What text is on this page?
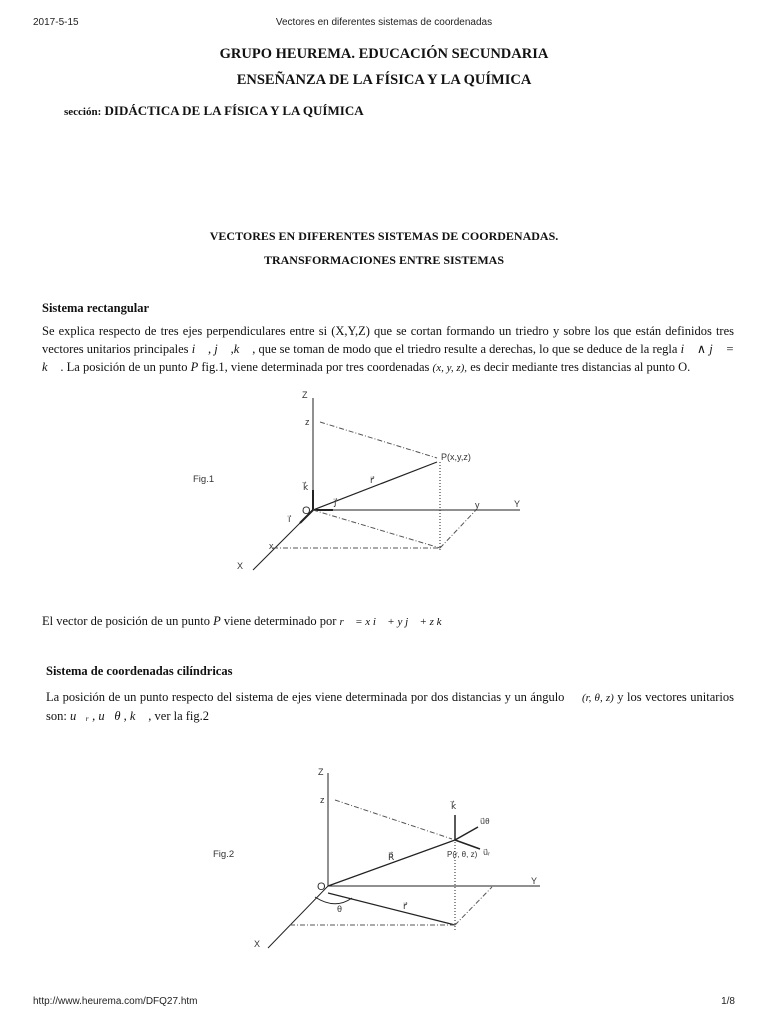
2017-5-15	Vectores en diferentes sistemas de coordenadas
GRUPO HEUREMA. EDUCACIÓN SECUNDARIA
ENSEÑANZA DE LA FÍSICA Y LA QUÍMICA
sección: DIDÁCTICA DE LA FÍSICA Y LA QUÍMICA
VECTORES EN DIFERENTES SISTEMAS DE COORDENADAS.
TRANSFORMACIONES ENTRE SISTEMAS
Sistema rectangular
Se explica respecto de tres ejes perpendiculares entre si (X,Y,Z) que se cortan formando un triedro y sobre los que están definidos tres vectores unitarios principales i⃗ , j⃗ ,k⃗ , que se toman de modo que el triedro resulte a derechas, lo que se deduce de la regla i⃗ ∧ j⃗ = k⃗ . La posición de un punto P fig.1, viene determinada por tres coordenadas (x, y, z), es decir mediante tres distancias al punto O.
Fig.1
Z
Y
X
O
z
y
x
P(x,y,z)
r⃗
i⃗
j⃗
k⃗
Z
Y
X
O
z
P(r, θ, z)
R⃗
r⃗
θ
k⃗
u⃗θ
u⃗ᵣ
El vector de posición de un punto P viene determinado por r⃗ = x i⃗ + y j⃗ + z k⃗
Sistema de coordenadas cilíndricas
La posición de un punto respecto del sistema de ejes viene determinada por dos distancias y un ángulo (r, θ, z) y los vectores unitarios son: u⃗ᵣ , u⃗θ , k⃗ , ver la fig.2
Fig.2
http://www.heurema.com/DFQ27.htm	1/8
